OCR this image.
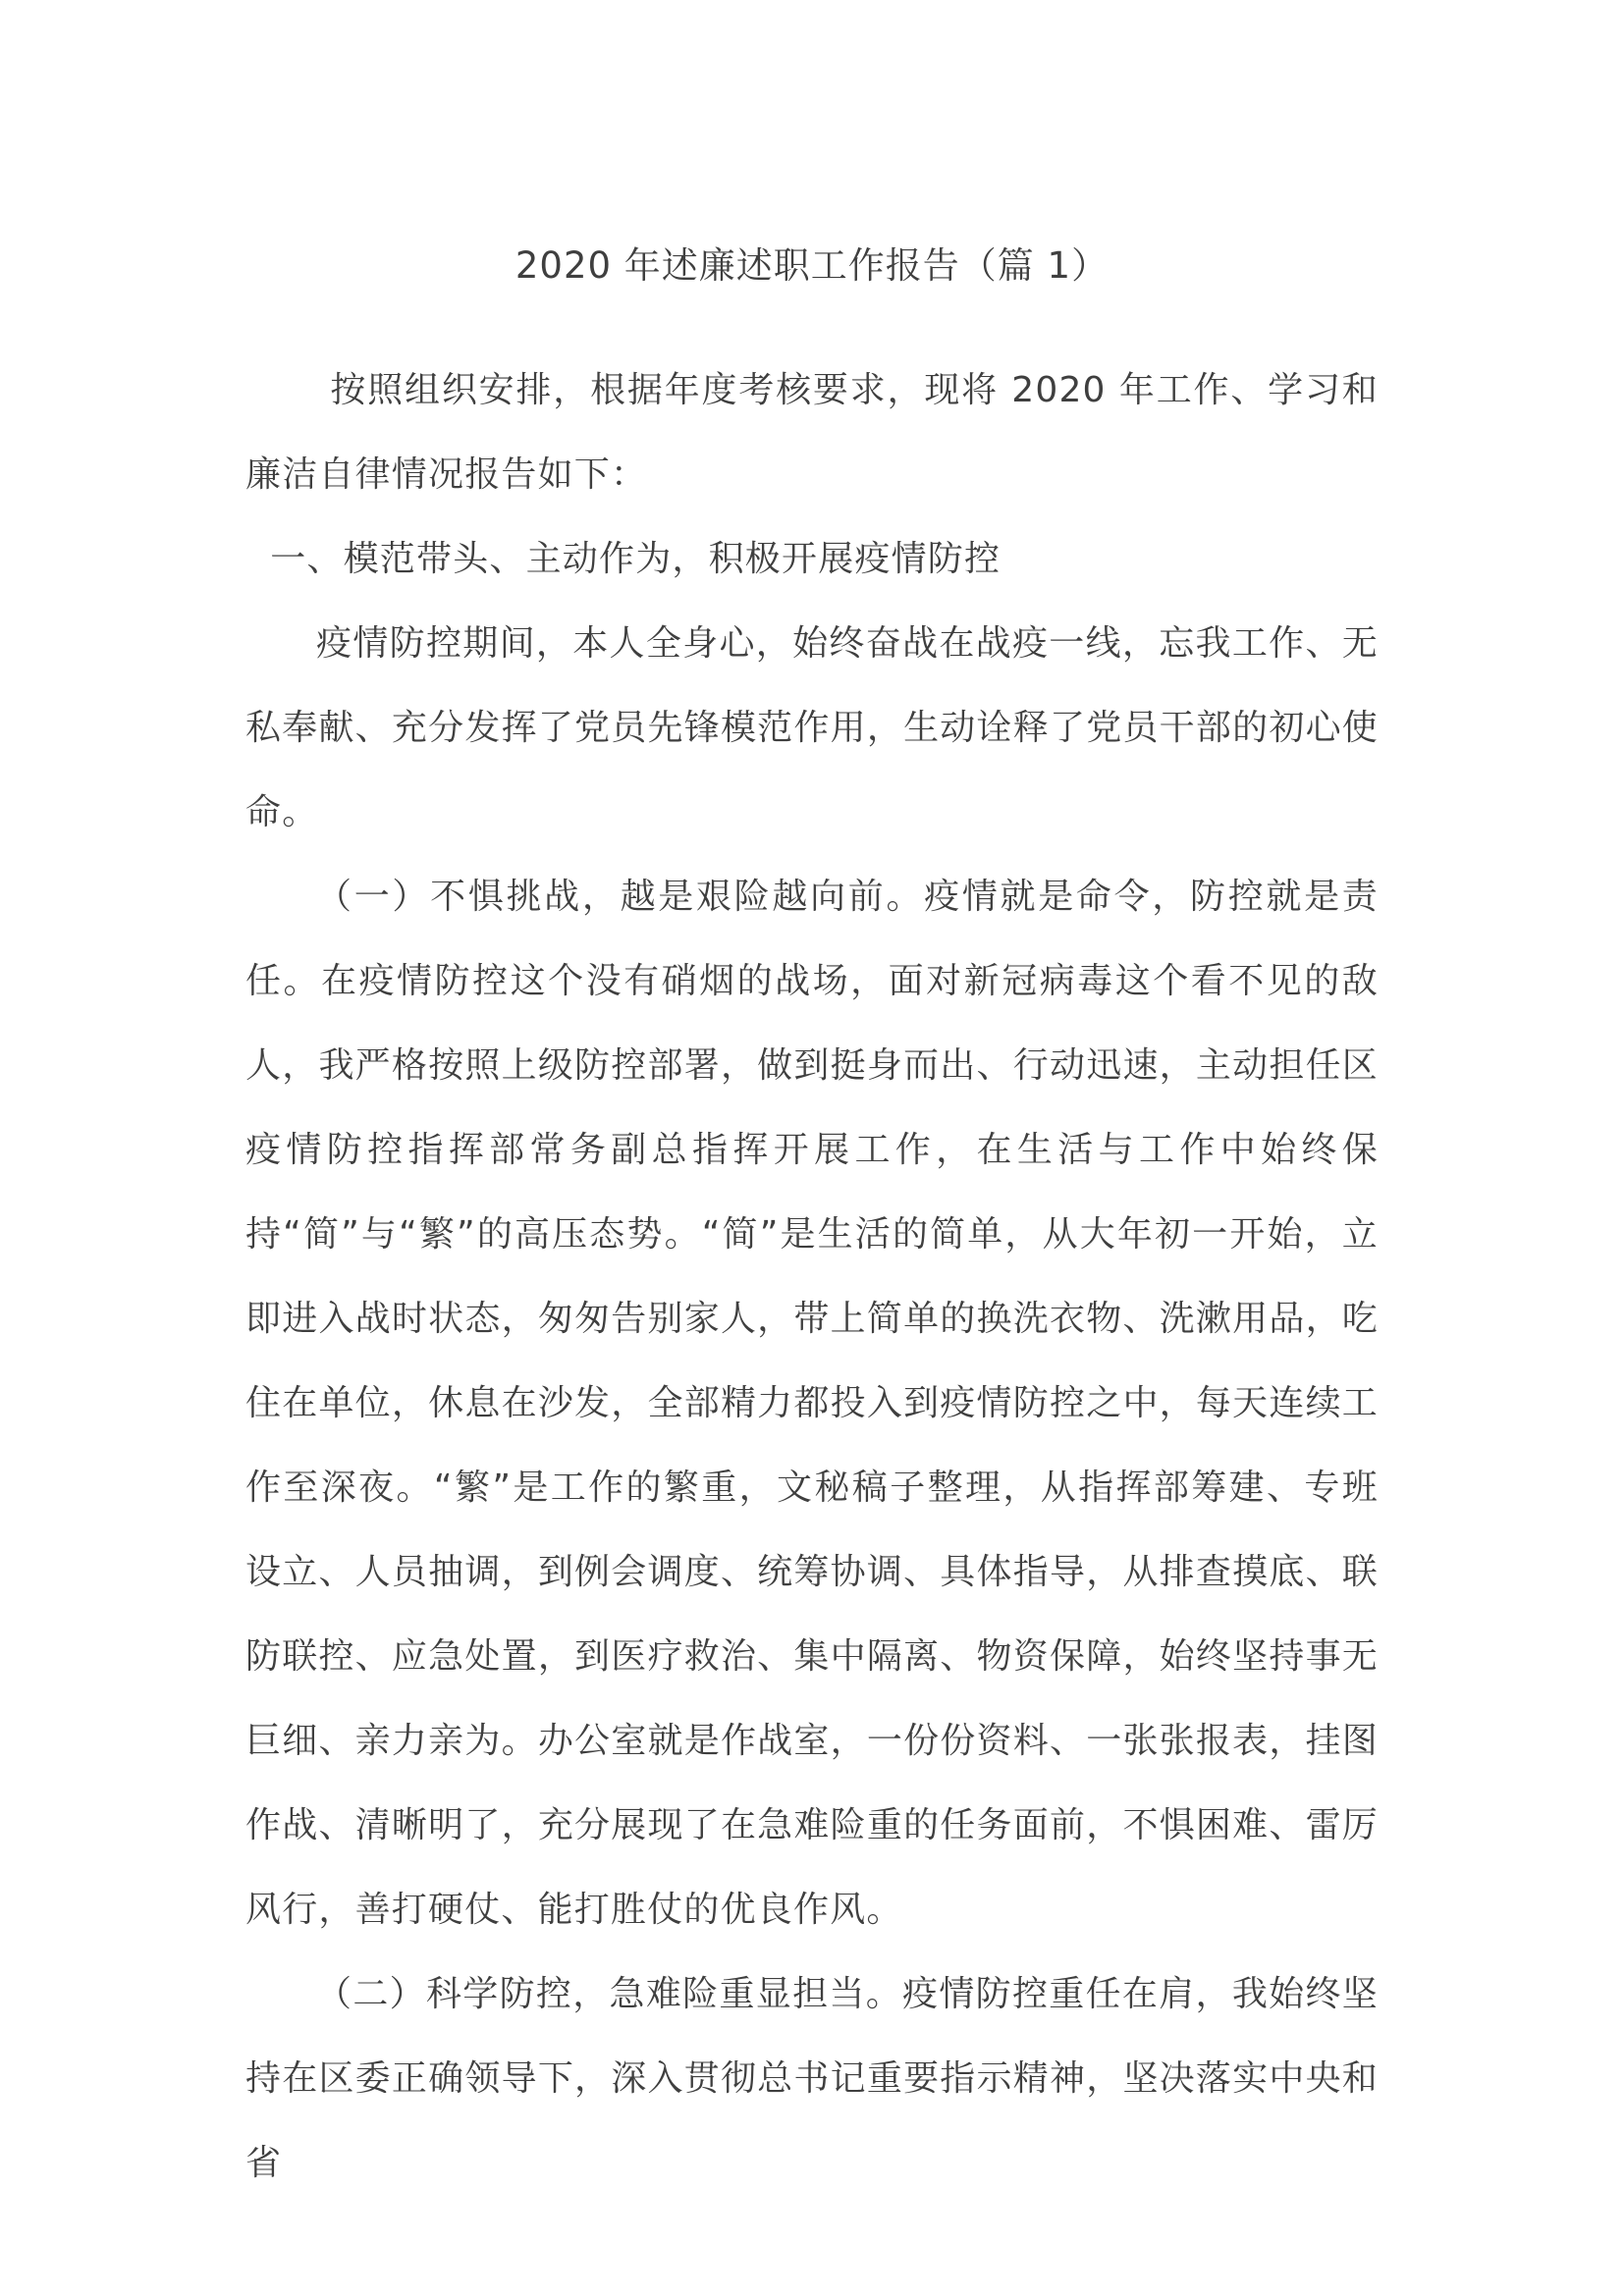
2020 年述廉述职工作报告（篇 1）

按照组织安排，根据年度考核要求，现将 2020 年工作、学习和廉洁自律情况报告如下：

一、模范带头、主动作为，积极开展疫情防控

疫情防控期间，本人全身心，始终奋战在战疫一线，忘我工作、无私奉献、充分发挥了党员先锋模范作用，生动诠释了党员干部的初心使命。

（一）不惧挑战，越是艰险越向前。疫情就是命令，防控就是责任。在疫情防控这个没有硝烟的战场，面对新冠病毒这个看不见的敌人，我严格按照上级防控部署，做到挺身而出、行动迅速，主动担任区疫情防控指挥部常务副总指挥开展工作，在生活与工作中始终保持“简”与“繁”的高压态势。“简”是生活的简单，从大年初一开始，立即进入战时状态，匆匆告别家人，带上简单的换洗衣物、洗漱用品，吃住在单位，休息在沙发，全部精力都投入到疫情防控之中，每天连续工作至深夜。“繁”是工作的繁重，文秘稿子整理，从指挥部筹建、专班设立、人员抽调，到例会调度、统筹协调、具体指导，从排查摸底、联防联控、应急处置，到医疗救治、集中隔离、物资保障，始终坚持事无巨细、亲力亲为。办公室就是作战室，一份份资料、一张张报表，挂图作战、清晰明了，充分展现了在急难险重的任务面前，不惧困难、雷厉风行，善打硬仗、能打胜仗的优良作风。

（二）科学防控，急难险重显担当。疫情防控重任在肩，我始终坚持在区委正确领导下，深入贯彻总书记重要指示精神，坚决落实中央和省
